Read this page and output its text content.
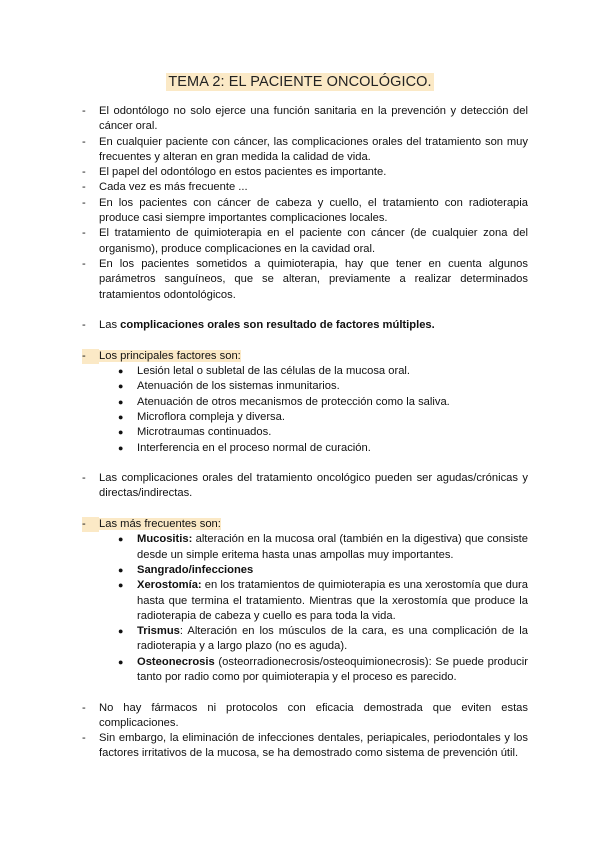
TEMA 2: EL PACIENTE ONCOLÓGICO.
-	El odontólogo no solo ejerce una función sanitaria en la prevención y detección del cáncer oral.
-	En cualquier paciente con cáncer, las complicaciones orales del tratamiento son muy frecuentes y alteran en gran medida la calidad de vida.
-	El papel del odontólogo en estos pacientes es importante.
-	Cada vez es más frecuente ...
-	En los pacientes con cáncer de cabeza y cuello, el tratamiento con radioterapia produce casi siempre importantes complicaciones locales.
-	El tratamiento de quimioterapia en el paciente con cáncer (de cualquier zona del organismo), produce complicaciones en la cavidad oral.
-	En los pacientes sometidos a quimioterapia, hay que tener en cuenta algunos parámetros sanguíneos, que se alteran, previamente a realizar determinados tratamientos odontológicos.
-	Las complicaciones orales son resultado de factores múltiples.
-	Los principales factores son:
●	Lesión letal o subletal de las células de la mucosa oral.
●	Atenuación de los sistemas inmunitarios.
●	Atenuación de otros mecanismos de protección como la saliva.
●	Microflora compleja y diversa.
●	Microtraumas continuados.
●	Interferencia en el proceso normal de curación.
-	Las complicaciones orales del tratamiento oncológico pueden ser agudas/crónicas y directas/indirectas.
-	Las más frecuentes son:
●	Mucositis: alteración en la mucosa oral (también en la digestiva) que consiste desde un simple eritema hasta unas ampollas muy importantes.
●	Sangrado/infecciones
●	Xerostomía: en los tratamientos de quimioterapia es una xerostomía que dura hasta que termina el tratamiento. Mientras que la xerostomía que produce la radioterapia de cabeza y cuello es para toda la vida.
●	Trismus: Alteración en los músculos de la cara, es una complicación de la radioterapia y a largo plazo (no es aguda).
●	Osteonecrosis (osteorradionecrosis/osteoquimionecrosis): Se puede producir tanto por radio como por quimioterapia y el proceso es parecido.
-	No hay fármacos ni protocolos con eficacia demostrada que eviten estas complicaciones.
-	Sin embargo, la eliminación de infecciones dentales, periapicales, periodontales y los factores irritativos de la mucosa, se ha demostrado como sistema de prevención útil.
